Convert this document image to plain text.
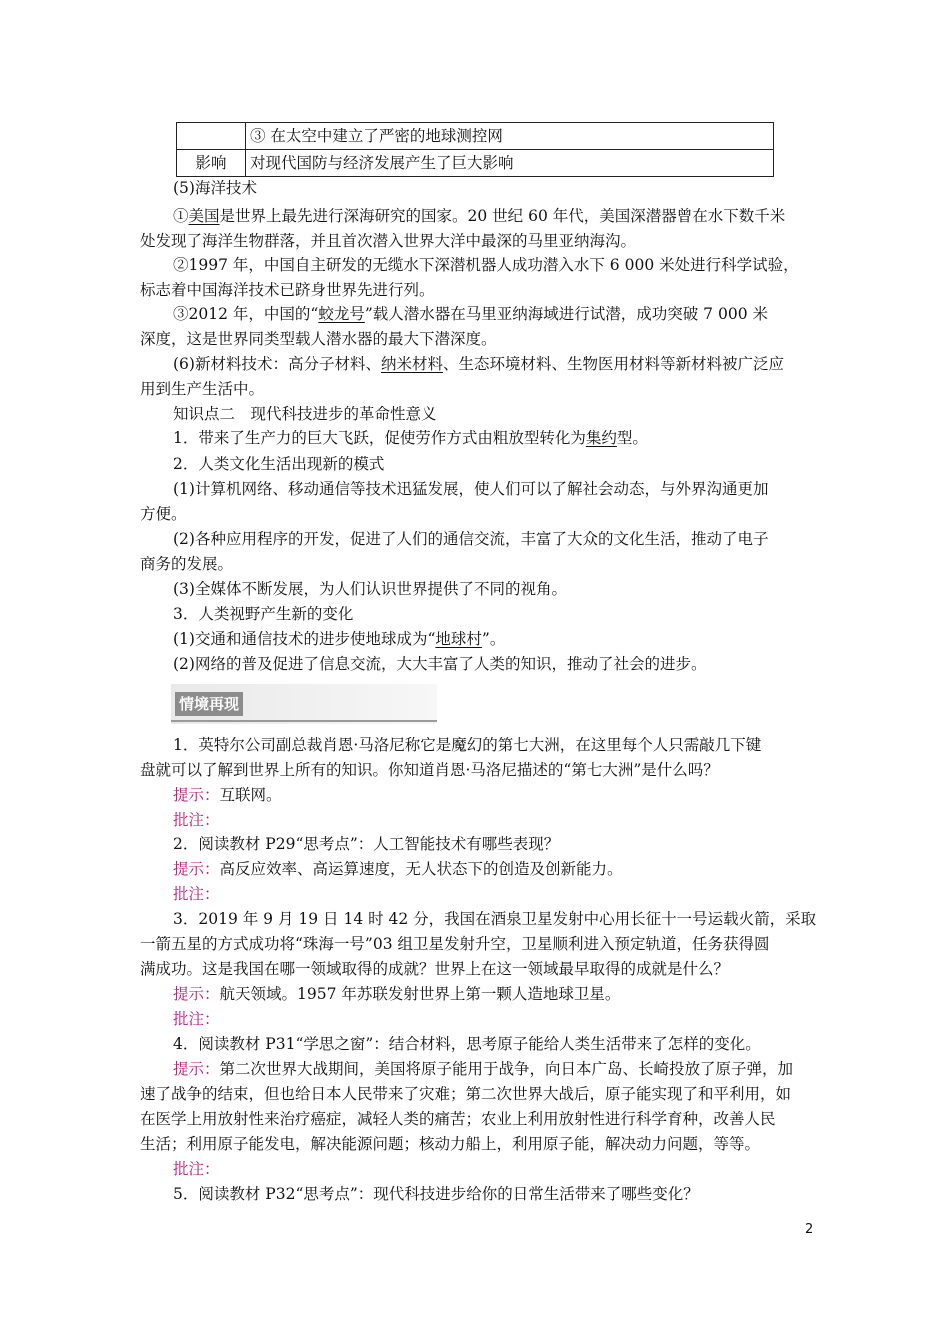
	③ 在太空中建立了严密的地球测控网
影响	对现代国防与经济发展产生了巨大影响

(5)海洋技术

①美国是世界上最先进行深海研究的国家。20 世纪 60 年代，美国深潜器曾在水下数千米

处发现了海洋生物群落，并且首次潜入世界大洋中最深的马里亚纳海沟。

②1997 年，中国自主研发的无缆水下深潜机器人成功潜入水下 6 000 米处进行科学试验，

标志着中国海洋技术已跻身世界先进行列。

③2012 年，中国的“蛟龙号”载人潜水器在马里亚纳海域进行试潜，成功突破 7 000 米

深度，这是世界同类型载人潜水器的最大下潜深度。

(6)新材料技术：高分子材料、纳米材料、生态环境材料、生物医用材料等新材料被广泛应

用到生产生活中。

知识点二　现代科技进步的革命性意义

1．带来了生产力的巨大飞跃，促使劳作方式由粗放型转化为集约型。

2．人类文化生活出现新的模式

(1)计算机网络、移动通信等技术迅猛发展，使人们可以了解社会动态，与外界沟通更加

方便。

(2)各种应用程序的开发，促进了人们的通信交流，丰富了大众的文化生活，推动了电子

商务的发展。

(3)全媒体不断发展，为人们认识世界提供了不同的视角。

3．人类视野产生新的变化

(1)交通和通信技术的进步使地球成为“地球村”。

(2)网络的普及促进了信息交流，大大丰富了人类的知识，推动了社会的进步。

情境再现

1．英特尔公司副总裁肖恩·马洛尼称它是魔幻的第七大洲，在这里每个人只需敲几下键

盘就可以了解到世界上所有的知识。你知道肖恩·马洛尼描述的“第七大洲”是什么吗？

提示：互联网。

批注：

2．阅读教材 P29“思考点”：人工智能技术有哪些表现？

提示：高反应效率、高运算速度，无人状态下的创造及创新能力。

批注：

3．2019 年 9 月 19 日 14 时 42 分，我国在酒泉卫星发射中心用长征十一号运载火箭，采取

一箭五星的方式成功将“珠海一号”03 组卫星发射升空，卫星顺利进入预定轨道，任务获得圆

满成功。这是我国在哪一领域取得的成就？世界上在这一领域最早取得的成就是什么？

提示：航天领域。1957 年苏联发射世界上第一颗人造地球卫星。

批注：

4．阅读教材 P31“学思之窗”：结合材料，思考原子能给人类生活带来了怎样的变化。

提示：第二次世界大战期间，美国将原子能用于战争，向日本广岛、长崎投放了原子弹，加

速了战争的结束，但也给日本人民带来了灾难；第二次世界大战后，原子能实现了和平利用，如

在医学上用放射性来治疗癌症，减轻人类的痛苦；农业上利用放射性进行科学育种，改善人民

生活；利用原子能发电，解决能源问题；核动力船上，利用原子能，解决动力问题，等等。

批注：

5．阅读教材 P32“思考点”：现代科技进步给你的日常生活带来了哪些变化？

2
